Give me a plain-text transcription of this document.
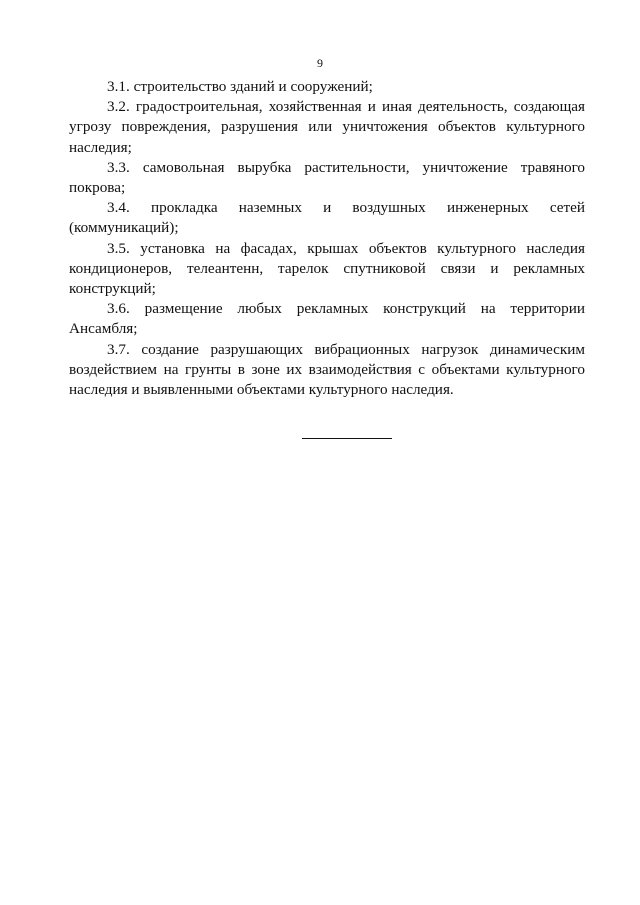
9

3.1. строительство зданий и сооружений;

3.2. градостроительная, хозяйственная и иная деятельность, создающая угрозу повреждения, разрушения или уничтожения объектов культурного наследия;

3.3. самовольная вырубка растительности, уничтожение травяного покрова;

3.4. прокладка наземных и воздушных инженерных сетей (коммуникаций);

3.5. установка на фасадах, крышах объектов культурного наследия кондиционеров, телеантенн, тарелок спутниковой связи и рекламных конструкций;

3.6. размещение любых рекламных конструкций на территории Ансамбля;

3.7. создание разрушающих вибрационных нагрузок динамическим воздействием на грунты в зоне их взаимодействия с объектами культурного наследия и выявленными объектами культурного наследия.
